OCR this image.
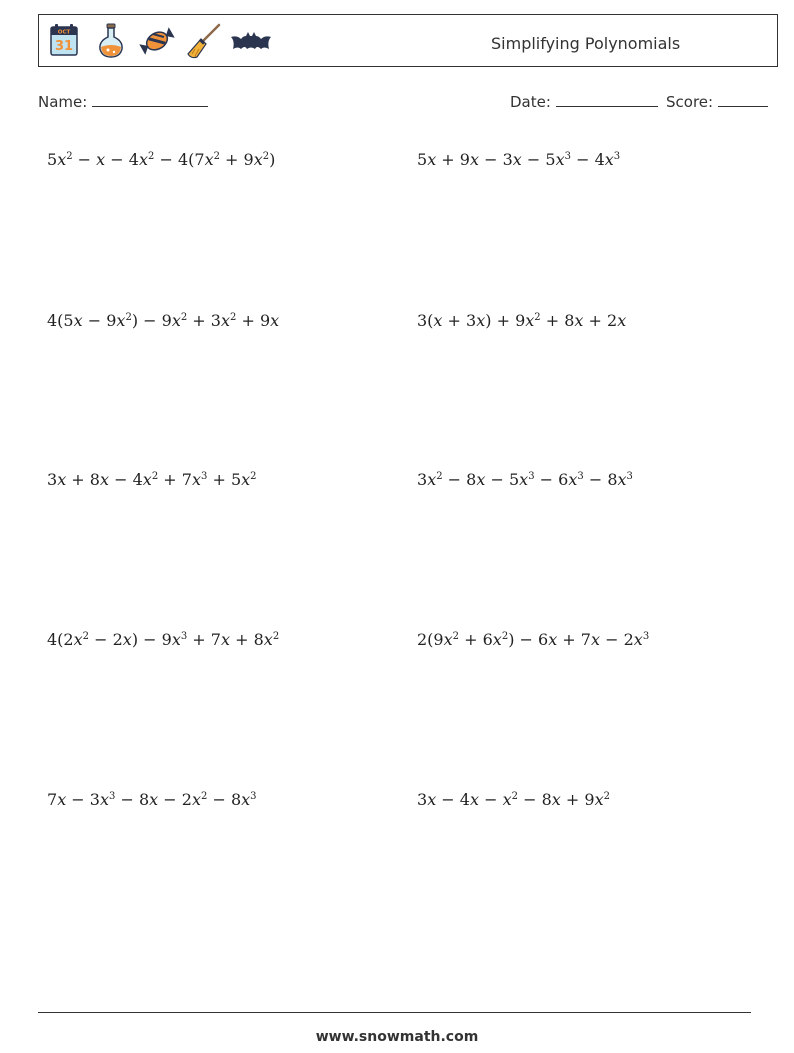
OCT
31	Simplifying Polynomials
Name:	Date:	Score:
$5x^2 - x - 4x^2 - 4(7x^2 + 9x^2)$	$5x + 9x - 3x - 5x^3 - 4x^3$
$4(5x - 9x^2) - 9x^2 + 3x^2 + 9x$	$3(x + 3x) + 9x^2 + 8x + 2x$
$3x + 8x - 4x^2 + 7x^3 + 5x^2$	$3x^2 - 8x - 5x^3 - 6x^3 - 8x^3$
$4(2x^2 - 2x) - 9x^3 + 7x + 8x^2$	$2(9x^2 + 6x^2) - 6x + 7x - 2x^3$
$7x - 3x^3 - 8x - 2x^2 - 8x^3$	$3x - 4x - x^2 - 8x + 9x^2$
www.snowmath.com
